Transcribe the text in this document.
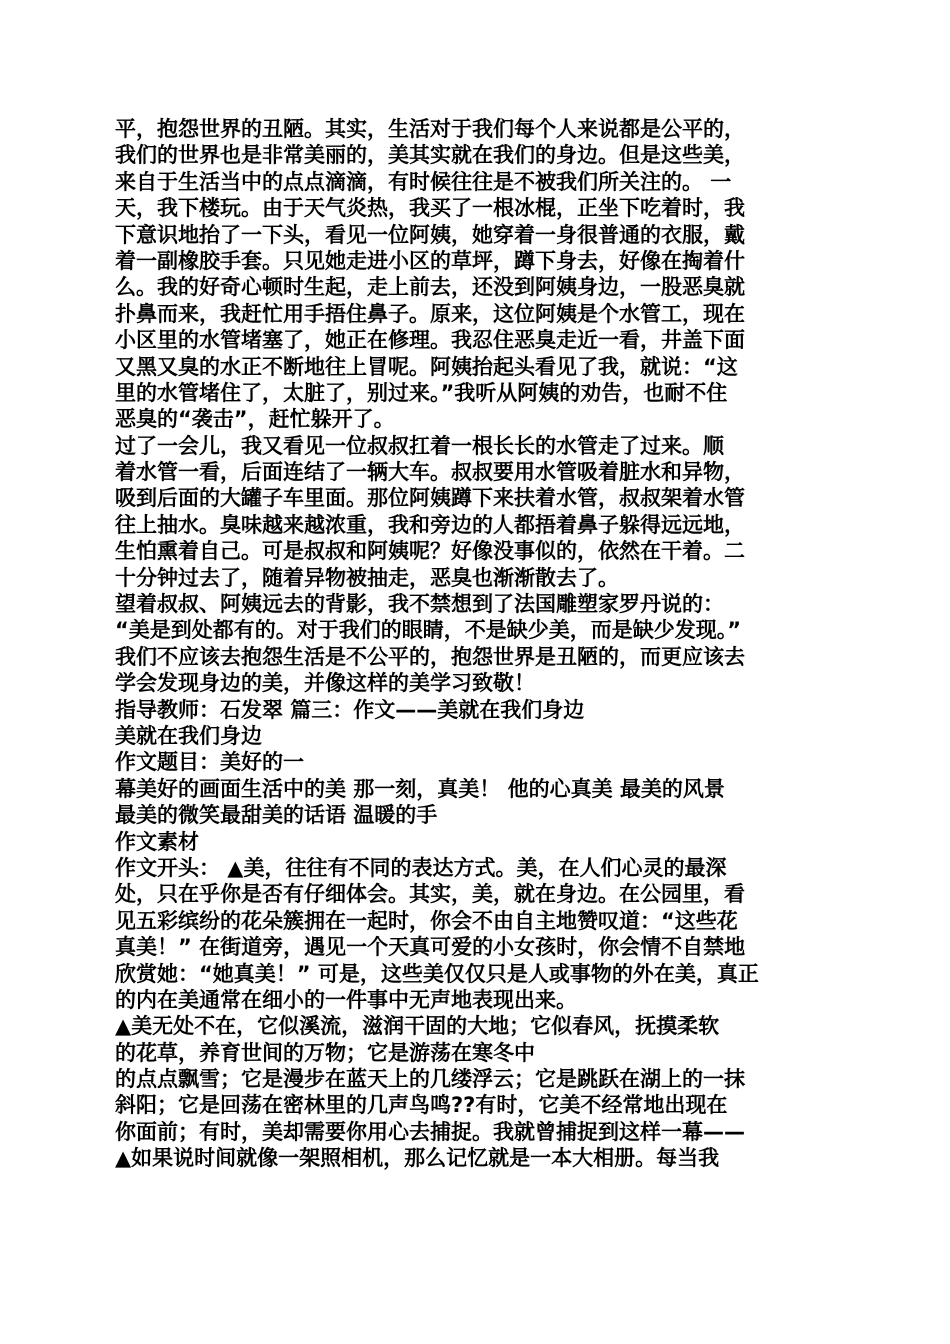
平，抱怨世界的丑陋。其实，生活对于我们每个人来说都是公平的，
我们的世界也是非常美丽的，美其实就在我们的身边。但是这些美，
来自于生活当中的点点滴滴，有时候往往是不被我们所关注的。 一
天，我下楼玩。由于天气炎热，我买了一根冰棍，正坐下吃着时，我
下意识地抬了一下头，看见一位阿姨，她穿着一身很普通的衣服，戴
着一副橡胶手套。只见她走进小区的草坪，蹲下身去，好像在掏着什
么。我的好奇心顿时生起，走上前去，还没到阿姨身边，一股恶臭就
扑鼻而来，我赶忙用手捂住鼻子。原来，这位阿姨是个水管工，现在
小区里的水管堵塞了，她正在修理。我忍住恶臭走近一看，井盖下面
又黑又臭的水正不断地往上冒呢。阿姨抬起头看见了我，就说：“这
里的水管堵住了，太脏了，别过来。”我听从阿姨的劝告，也耐不住
恶臭的“袭击”，赶忙躲开了。
过了一会儿，我又看见一位叔叔扛着一根长长的水管走了过来。顺
着水管一看，后面连结了一辆大车。叔叔要用水管吸着脏水和异物，
吸到后面的大罐子车里面。那位阿姨蹲下来扶着水管，叔叔架着水管
往上抽水。臭味越来越浓重，我和旁边的人都捂着鼻子躲得远远地，
生怕熏着自己。可是叔叔和阿姨呢？好像没事似的，依然在干着。二
十分钟过去了，随着异物被抽走，恶臭也渐渐散去了。
望着叔叔、阿姨远去的背影，我不禁想到了法国雕塑家罗丹说的：
“美是到处都有的。对于我们的眼睛，不是缺少美，而是缺少发现。”
我们不应该去抱怨生活是不公平的，抱怨世界是丑陋的，而更应该去
学会发现身边的美，并像这样的美学习致敬！
指导教师：石发翠 篇三：作文——美就在我们身边
美就在我们身边
作文题目：美好的一
幕美好的画面生活中的美 那一刻，真美！ 他的心真美 最美的风景
最美的微笑最甜美的话语 温暖的手
作文素材
作文开头： ▲美，往往有不同的表达方式。美，在人们心灵的最深
处，只在乎你是否有仔细体会。其实，美，就在身边。在公园里，看
见五彩缤纷的花朵簇拥在一起时，你会不由自主地赞叹道：“这些花
真美！” 在街道旁，遇见一个天真可爱的小女孩时，你会情不自禁地
欣赏她：“她真美！” 可是，这些美仅仅只是人或事物的外在美，真正
的内在美通常在细小的一件事中无声地表现出来。
▲美无处不在，它似溪流，滋润干固的大地；它似春风，抚摸柔软
的花草，养育世间的万物；它是游荡在寒冬中
的点点飘雪；它是漫步在蓝天上的几缕浮云；它是跳跃在湖上的一抹
斜阳；它是回荡在密林里的几声鸟鸣??有时，它美不经常地出现在
你面前；有时，美却需要你用心去捕捉。我就曾捕捉到这样一幕——
▲如果说时间就像一架照相机，那么记忆就是一本大相册。每当我
